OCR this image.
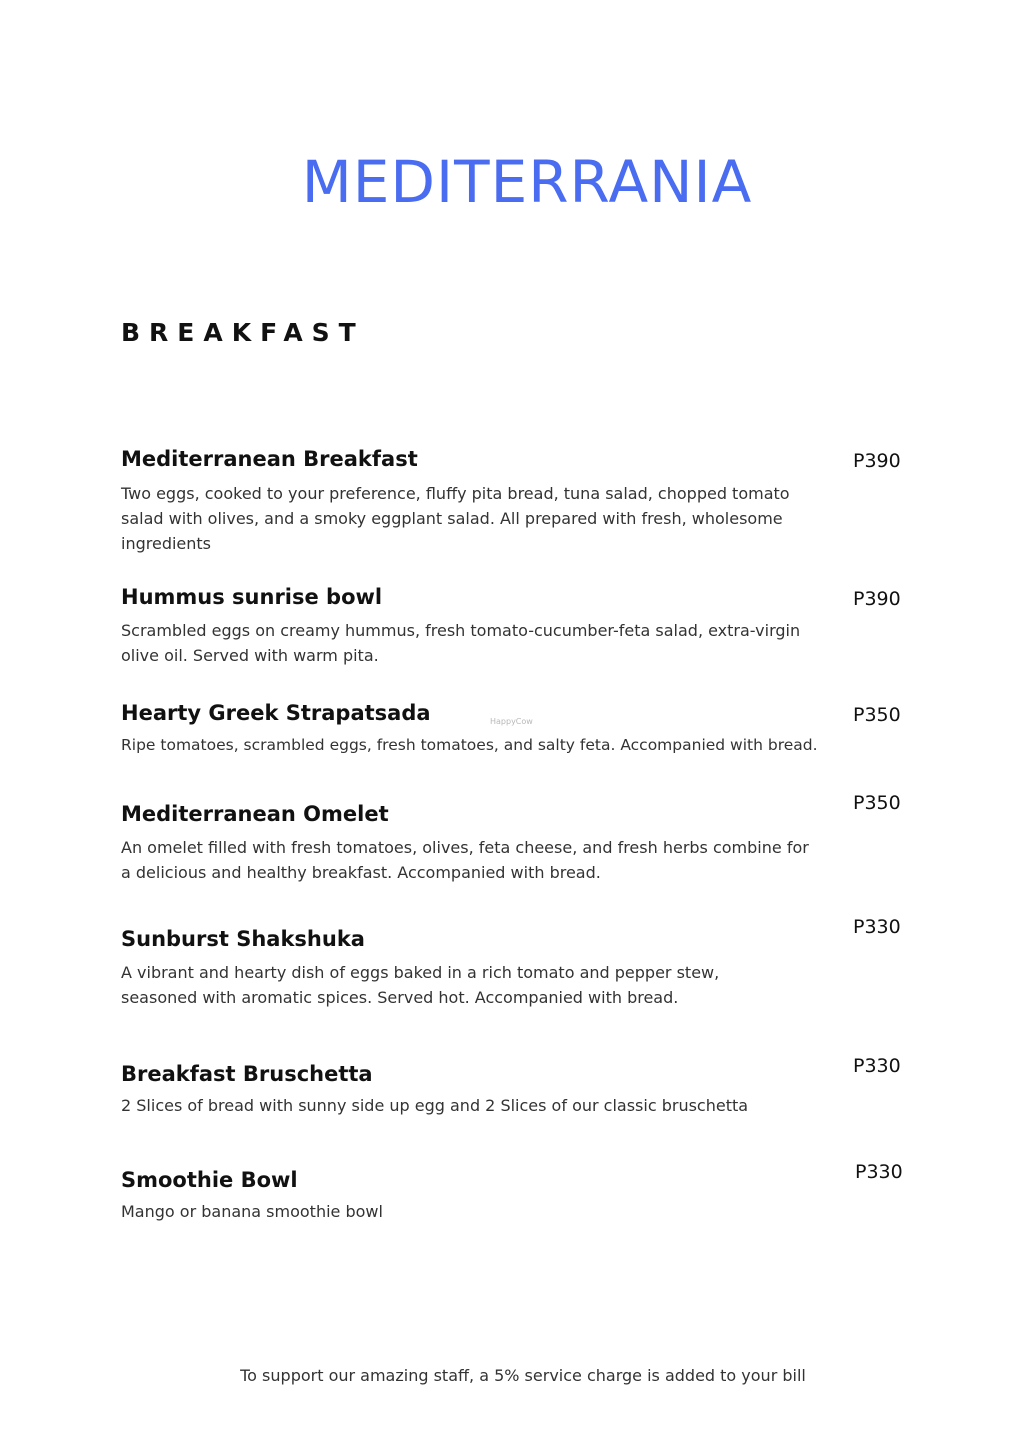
MEDITERRANIA
BREAKFAST
Mediterranean Breakfast	P390

Two eggs, cooked to your preference, fluffy pita bread, tuna salad, chopped tomato salad with olives, and a smoky eggplant salad. All prepared with fresh, wholesome ingredients

Hummus sunrise bowl	P390

Scrambled eggs on creamy hummus, fresh tomato-cucumber-feta salad, extra-virgin olive oil. Served with warm pita.

Hearty Greek Strapatsada	P350

Ripe tomatoes, scrambled eggs, fresh tomatoes, and salty feta. Accompanied with bread.

HappyCow
Mediterranean Omelet	P350

An omelet filled with fresh tomatoes, olives, feta cheese, and fresh herbs combine for a delicious and healthy breakfast. Accompanied with bread.

Sunburst Shakshuka	P330

A vibrant and hearty dish of eggs baked in a rich tomato and pepper stew, seasoned with aromatic spices. Served hot. Accompanied with bread.

Breakfast Bruschetta	P330

2 Slices of bread with sunny side up egg and 2 Slices of our classic bruschetta

Smoothie Bowl	P330

Mango or banana smoothie bowl

To support our amazing staff, a 5% service charge is added to your bill
